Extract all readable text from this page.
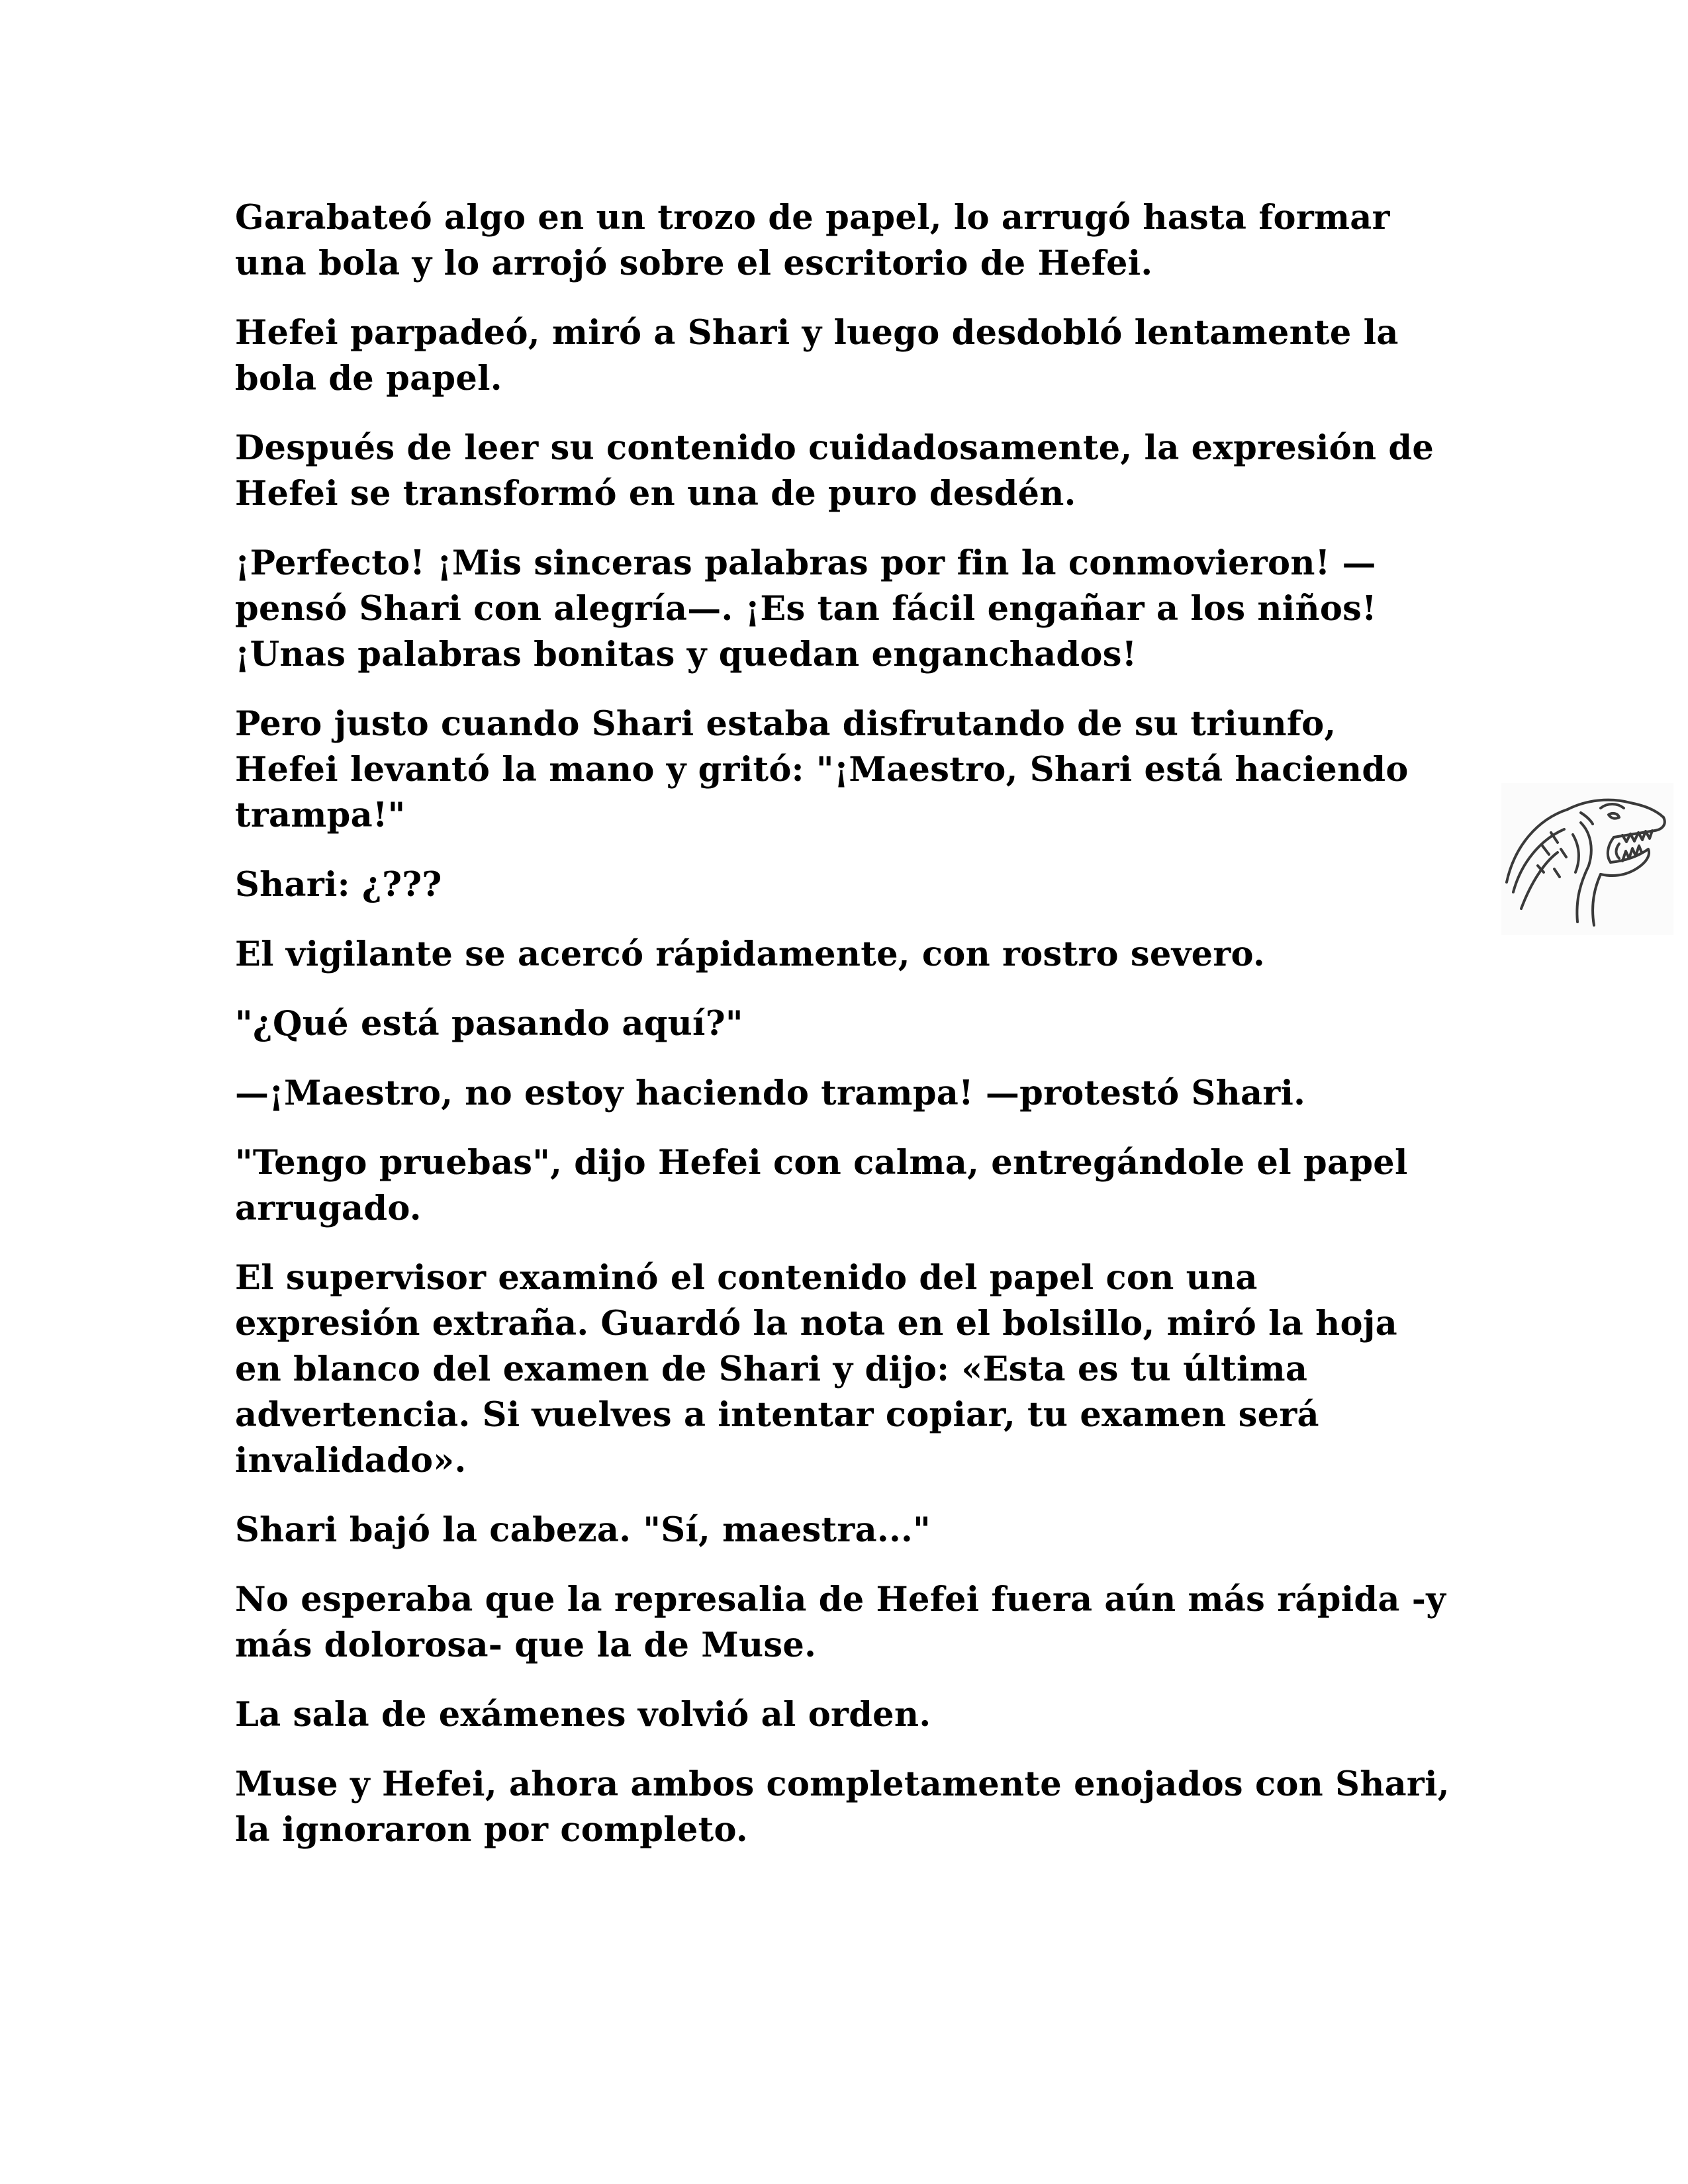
Garabateó algo en un trozo de papel, lo arrugó hasta formar
una bola y lo arrojó sobre el escritorio de Hefei.

Hefei parpadeó, miró a Shari y luego desdobló lentamente la
bola de papel.

Después de leer su contenido cuidadosamente, la expresión de
Hefei se transformó en una de puro desdén.

¡Perfecto! ¡Mis sinceras palabras por fin la conmovieron! —
pensó Shari con alegría—. ¡Es tan fácil engañar a los niños!
¡Unas palabras bonitas y quedan enganchados!

Pero justo cuando Shari estaba disfrutando de su triunfo,
Hefei levantó la mano y gritó: "¡Maestro, Shari está haciendo
trampa!"

Shari: ¿???

El vigilante se acercó rápidamente, con rostro severo.

"¿Qué está pasando aquí?"

—¡Maestro, no estoy haciendo trampa! —protestó Shari.

"Tengo pruebas", dijo Hefei con calma, entregándole el papel
arrugado.

El supervisor examinó el contenido del papel con una
expresión extraña. Guardó la nota en el bolsillo, miró la hoja
en blanco del examen de Shari y dijo: «Esta es tu última
advertencia. Si vuelves a intentar copiar, tu examen será
invalidado».

Shari bajó la cabeza. "Sí, maestra..."

No esperaba que la represalia de Hefei fuera aún más rápida -y
más dolorosa- que la de Muse.

La sala de exámenes volvió al orden.

Muse y Hefei, ahora ambos completamente enojados con Shari,
la ignoraron por completo.
